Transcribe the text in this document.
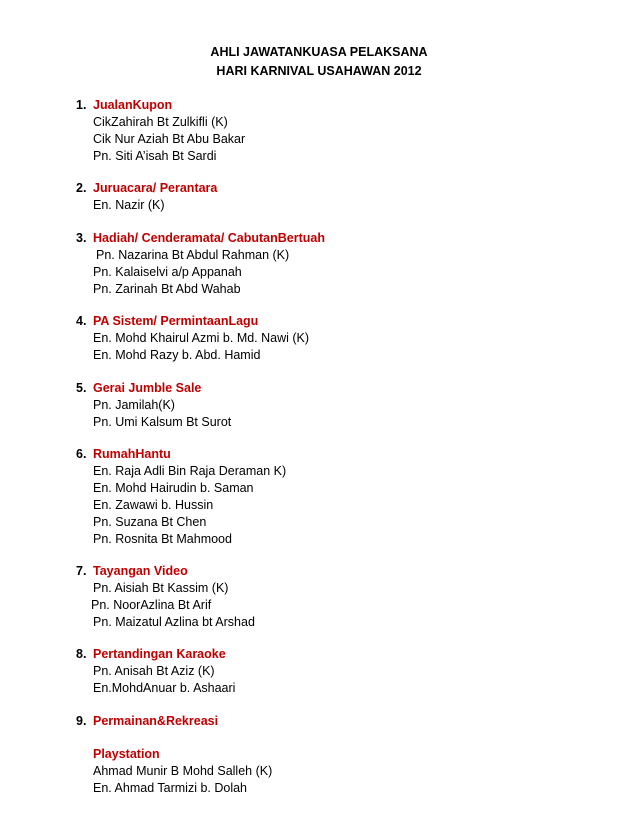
AHLI JAWATANKUASA PELAKSANA
HARI KARNIVAL USAHAWAN 2012
1. JualanKupon
CikZahirah Bt Zulkifli (K)
Cik Nur Aziah Bt Abu Bakar
Pn. Siti A’isah Bt Sardi
2. Juruacara/ Perantara
En. Nazir (K)
3. Hadiah/ Cenderamata/ CabutanBertuah
Pn. Nazarina Bt Abdul Rahman (K)
Pn. Kalaiselvi a/p Appanah
Pn. Zarinah Bt Abd Wahab
4. PA Sistem/ PermintaanLagu
En. Mohd Khairul Azmi b. Md. Nawi (K)
En. Mohd Razy b. Abd. Hamid
5. Gerai Jumble Sale
Pn. Jamilah(K)
Pn. Umi Kalsum Bt Surot
6. RumahHantu
En. Raja Adli Bin Raja Deraman K)
En. Mohd Hairudin b. Saman
En. Zawawi b. Hussin
Pn. Suzana Bt Chen
Pn. Rosnita Bt Mahmood
7. Tayangan Video
Pn. Aisiah Bt Kassim (K)
Pn. NoorAzlina Bt Arif
Pn. Maizatul Azlina bt Arshad
8. Pertandingan Karaoke
Pn. Anisah Bt Aziz (K)
En.MohdAnuar b. Ashaari
9. Permainan&Rekreasi
Playstation
Ahmad Munir B Mohd Salleh (K)
En. Ahmad Tarmizi b. Dolah
